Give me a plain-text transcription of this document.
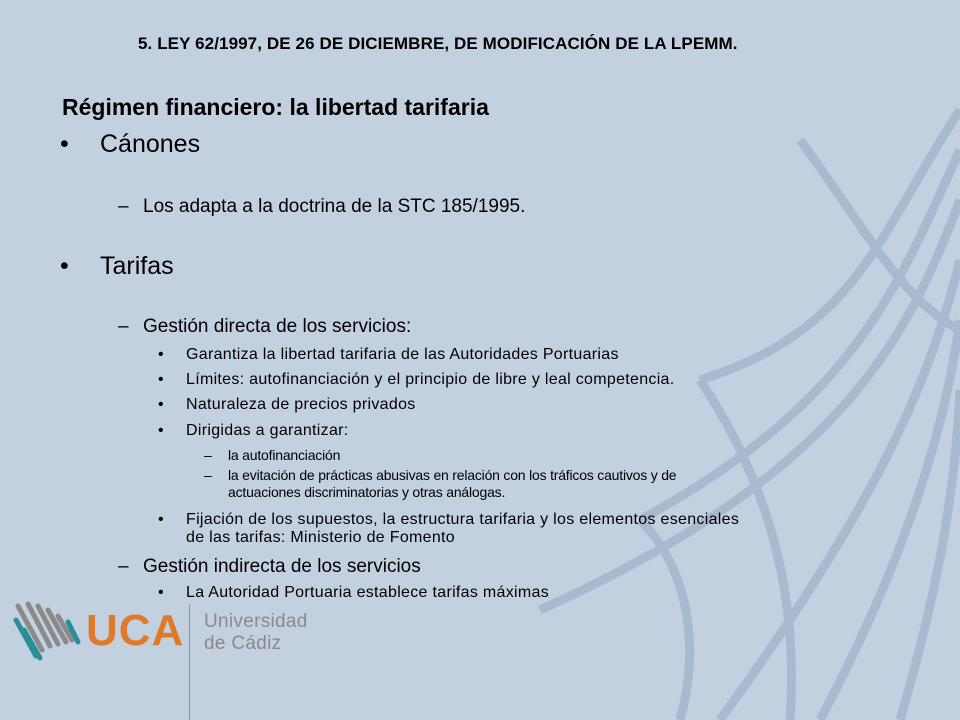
5. LEY 62/1997, DE 26 DE DICIEMBRE, DE MODIFICACIÓN DE LA LPEMM.
Régimen financiero: la libertad tarifaria
• Cánones
– Los adapta a la doctrina de la STC 185/1995.
• Tarifas
– Gestión directa de los servicios:
• Garantiza la libertad tarifaria de las Autoridades Portuarias
• Límites: autofinanciación y el principio de libre y leal competencia.
• Naturaleza de precios privados
• Dirigidas a garantizar:
– la autofinanciación
– la evitación de prácticas abusivas en relación con los tráficos cautivos y de
actuaciones discriminatorias y otras análogas.
• Fijación de los supuestos, la estructura tarifaria y los elementos esenciales
de las tarifas: Ministerio de Fomento
– Gestión indirecta de los servicios
• La Autoridad Portuaria establece tarifas máximas
UCA Universidad
de Cádiz
